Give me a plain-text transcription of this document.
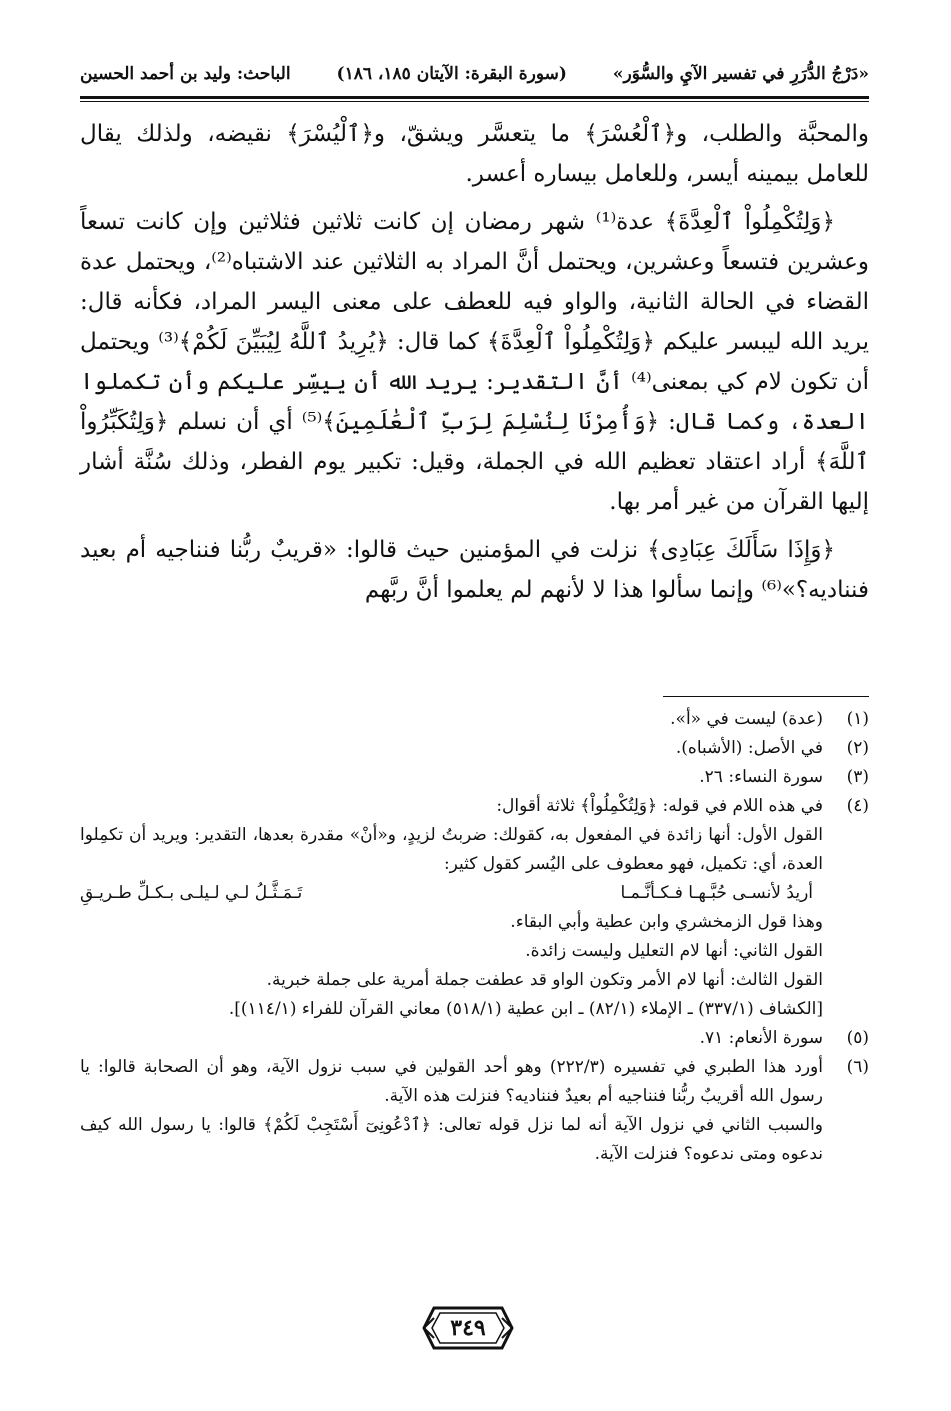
«دَرْجُ الدُّرَرِ في تفسير الآيِ والسُّوَر»
(سورة البقرة: الآيتان ١٨٥، ١٨٦)
الباحث: وليد بن أحمد الحسين

والمحبَّة والطلب، و﴿ٱلْعُسْرَ﴾ ما يتعسَّر ويشقّ، و﴿ٱلْيُسْرَ﴾ نقيضه، ولذلك يقال للعامل بيمينه أيسر، وللعامل بيساره أعسر.

﴿وَلِتُكْمِلُواْ ٱلْعِدَّةَ﴾ عدة⁽¹⁾ شهر رمضان إن كانت ثلاثين فثلاثين وإن كانت تسعاً وعشرين فتسعاً وعشرين، ويحتمل أنَّ المراد به الثلاثين عند الاشتباه⁽²⁾، ويحتمل عدة القضاء في الحالة الثانية، والواو فيه للعطف على معنى اليسر المراد، فكأنه قال: يريد الله ليبسر عليكم ﴿وَلِتُكْمِلُواْ ٱلْعِدَّةَ﴾ كما قال: ﴿يُرِيدُ ٱللَّهُ لِيُبَيِّنَ لَكُمْ﴾⁽³⁾ ويحتمل أن تكون لام كي بمعنى⁽⁴⁾ أنَّ التقدير: يريد الله أن ييسِّر عليكم وأن تكملوا العدة، وكما قال: ﴿وَأُمِرْنَا لِنُسْلِمَ لِرَبِّ ٱلْعَٰلَمِينَ﴾⁽⁵⁾ أي أن نسلم ﴿وَلِتُكَبِّرُواْ ٱللَّهَ﴾ أراد اعتقاد تعظيم الله في الجملة، وقيل: تكبير يوم الفطر، وذلك سُنَّة أشار إليها القرآن من غير أمر بها.

﴿وَإِذَا سَأَلَكَ عِبَادِى﴾ نزلت في المؤمنين حيث قالوا: «قريبٌ ربُّنا فنناجيه أم بعيد فنناديه؟»⁽⁶⁾ وإنما سألوا هذا لا لأنهم لم يعلموا أنَّ ربَّهم

(١)
(عدة) ليست في «أ».
(٢)
في الأصل: (الأشباه).
(٣)
سورة النساء: ٢٦.
(٤)
في هذه اللام في قوله: ﴿وَلِتُكْمِلُواْ﴾ ثلاثة أقوال:
القول الأول: أنها زائدة في المفعول به، كقولك: ضربتُ لزيدٍ، و«أنْ» مقدرة بعدها، التقدير: ويريد أن تكمِلوا العدة، أي: تكميل، فهو معطوف على اليُسر كقول كثير:
أريدُ لأنسـى حُبَّـهـا فـكـأنَّـمـا
تَـمَـثَّـلُ لـي لـيلـى بـكـلِّ طـريـقِ
وهذا قول الزمخشري وابن عطية وأبي البقاء.
القول الثاني: أنها لام التعليل وليست زائدة.
القول الثالث: أنها لام الأمر وتكون الواو قد عطفت جملة أمرية على جملة خبرية.
[الكشاف (٣٣٧/١) ـ الإملاء (٨٢/١) ـ ابن عطية (٥١٨/١) معاني القرآن للفراء (١١٤/١)].
(٥)
سورة الأنعام: ٧١.
(٦)
أورد هذا الطبري في تفسيره (٢٢٢/٣) وهو أحد القولين في سبب نزول الآية، وهو أن الصحابة قالوا: يا رسول الله أقريبٌ ربُّنا فنناجيه أم بعيدٌ فنناديه؟ فنزلت هذه الآية.
والسبب الثاني في نزول الآية أنه لما نزل قوله تعالى: ﴿ٱدْعُونِىٓ أَسْتَجِبْ لَكُمْ﴾ قالوا: يا رسول الله كيف ندعوه ومتى ندعوه؟ فنزلت الآية.
٣٤٩
